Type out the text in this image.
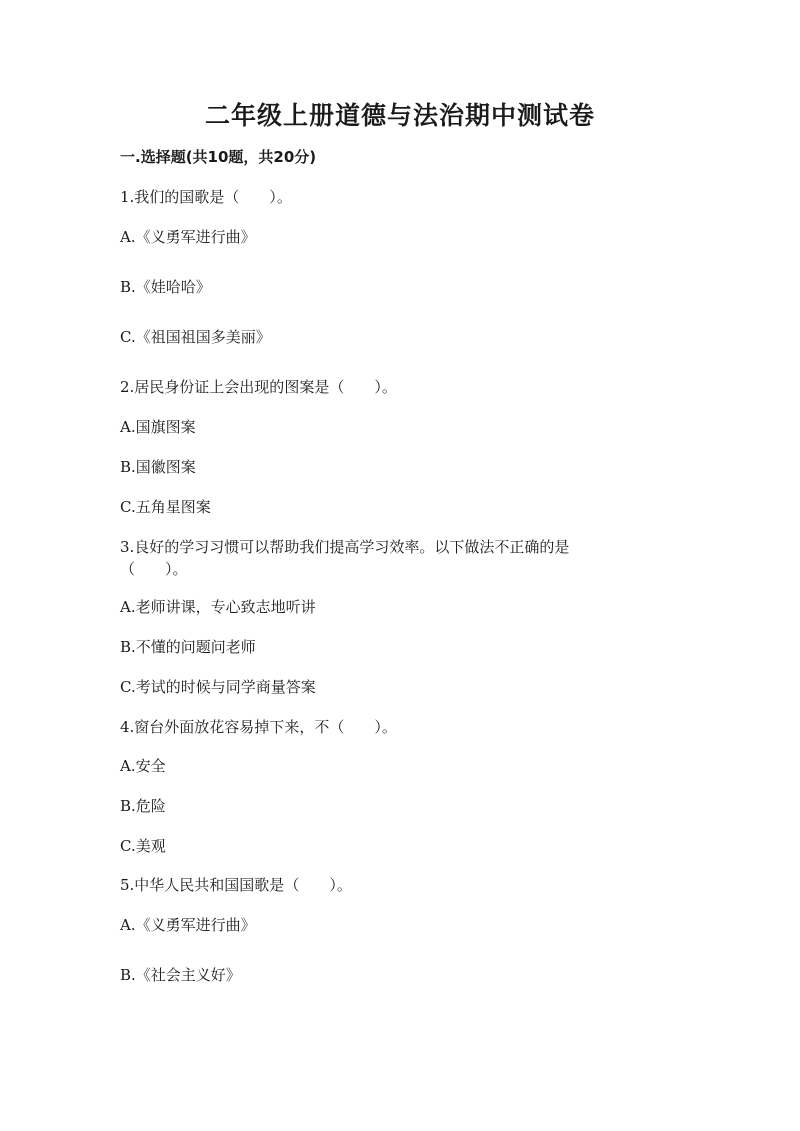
二年级上册道德与法治期中测试卷
一.选择题(共10题，共20分)
1.我们的国歌是（　　）。
A.《义勇军进行曲》
B.《娃哈哈》
C.《祖国祖国多美丽》
2.居民身份证上会出现的图案是（　　）。
A.国旗图案
B.国徽图案
C.五角星图案
3.良好的学习习惯可以帮助我们提高学习效率。以下做法不正确的是（　　）。
A.老师讲课，专心致志地听讲
B.不懂的问题问老师
C.考试的时候与同学商量答案
4.窗台外面放花容易掉下来，不（　　）。
A.安全
B.危险
C.美观
5.中华人民共和国国歌是（　　）。
A.《义勇军进行曲》
B.《社会主义好》
